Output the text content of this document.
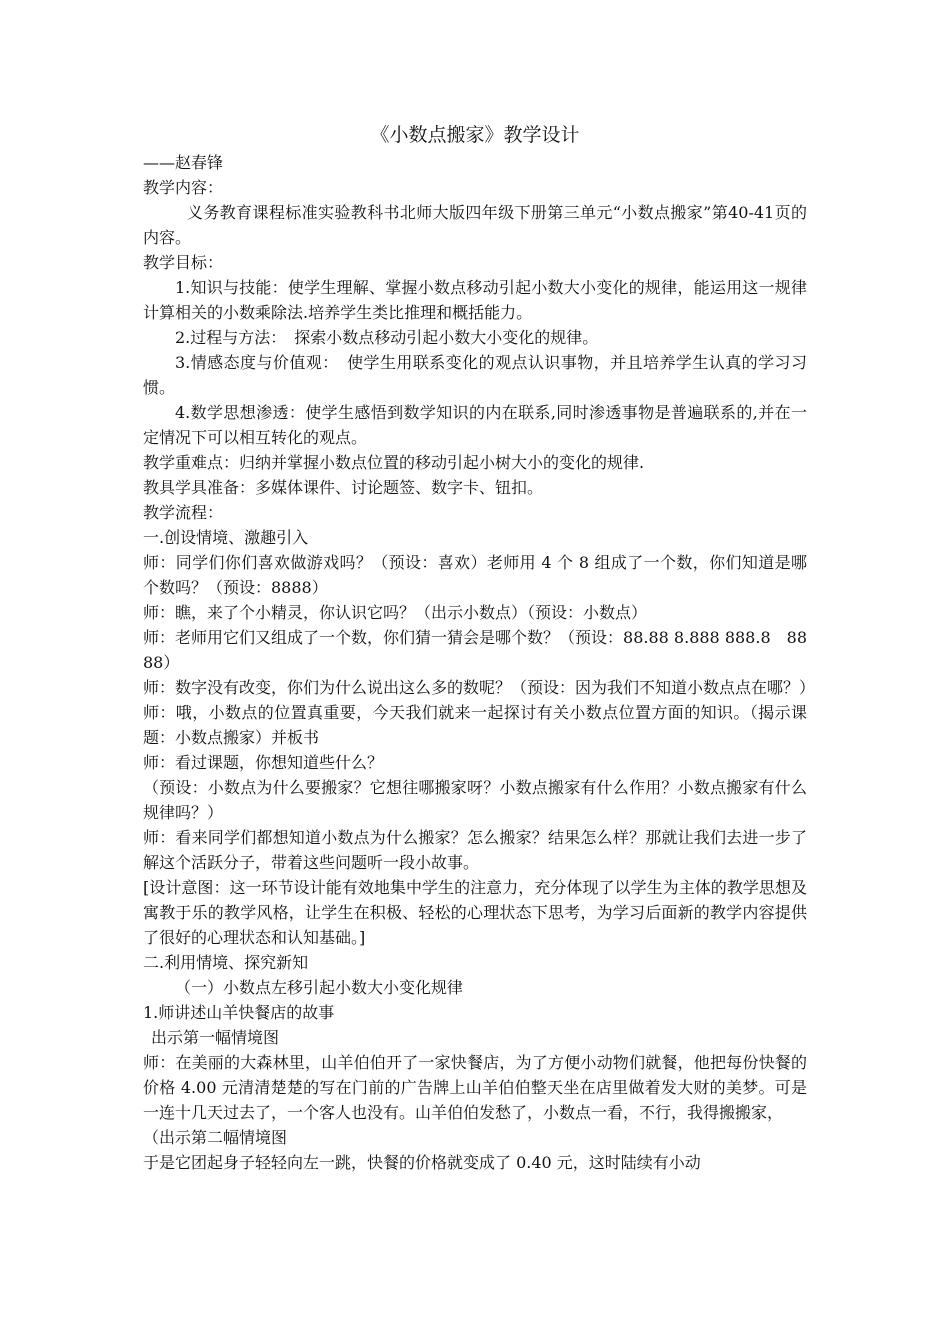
《小数点搬家》教学设计

——赵春锋

教学内容：

义务教育课程标准实验教科书北师大版四年级下册第三单元“小数点搬家”第40-41页的内容。

教学目标：

1.知识与技能：使学生理解、掌握小数点移动引起小数大小变化的规律，能运用这一规律计算相关的小数乘除法.培养学生类比推理和概括能力。

2.过程与方法：　探索小数点移动引起小数大小变化的规律。

3.情感态度与价值观：　使学生用联系变化的观点认识事物，并且培养学生认真的学习习惯。

4.数学思想渗透：使学生感悟到数学知识的内在联系,同时渗透事物是普遍联系的,并在一定情况下可以相互转化的观点。

教学重难点：归纳并掌握小数点位置的移动引起小树大小的变化的规律.

教具学具准备：多媒体课件、讨论题签、数字卡、钮扣。

教学流程：

一.创设情境、激趣引入

师：同学们你们喜欢做游戏吗？（预设：喜欢）老师用 4 个 8 组成了一个数，你们知道是哪个数吗？（预设：8888）

师：瞧，来了个小精灵，你认识它吗？（出示小数点）（预设：小数点）

师：老师用它们又组成了一个数，你们猜一猜会是哪个数？（预设：88.88 8.888 888.8　8888）

师：数字没有改变，你们为什么说出这么多的数呢？（预设：因为我们不知道小数点点在哪？）

师：哦，小数点的位置真重要，今天我们就来一起探讨有关小数点位置方面的知识。（揭示课题：小数点搬家）并板书

师：看过课题，你想知道些什么？

（预设：小数点为什么要搬家？它想往哪搬家呀？小数点搬家有什么作用？小数点搬家有什么规律吗？）

师：看来同学们都想知道小数点为什么搬家？怎么搬家？结果怎么样？那就让我们去进一步了解这个活跃分子，带着这些问题听一段小故事。

[设计意图：这一环节设计能有效地集中学生的注意力，充分体现了以学生为主体的教学思想及寓教于乐的教学风格，让学生在积极、轻松的心理状态下思考，为学习后面新的教学内容提供了很好的心理状态和认知基础。]

二.利用情境、探究新知

（一）小数点左移引起小数大小变化规律

1.师讲述山羊快餐店的故事

出示第一幅情境图

师：在美丽的大森林里，山羊伯伯开了一家快餐店，为了方便小动物们就餐，他把每份快餐的价格 4.00 元清清楚楚的写在门前的广告牌上山羊伯伯整天坐在店里做着发大财的美梦。可是一连十几天过去了，一个客人也没有。山羊伯伯发愁了，小数点一看，不行，我得搬搬家，

（出示第二幅情境图

于是它团起身子轻轻向左一跳，快餐的价格就变成了 0.40 元，这时陆续有小动
